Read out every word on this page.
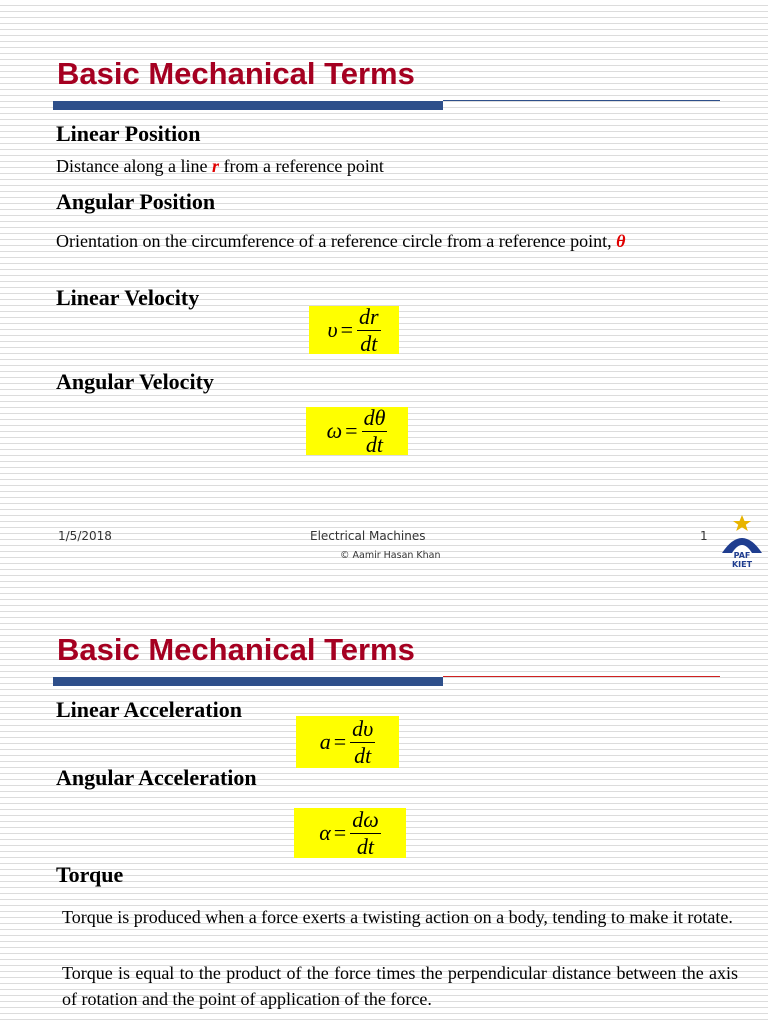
Basic Mechanical Terms
Linear Position
Distance along a line r from a reference point
Angular Position
Orientation on the circumference of a reference circle from a reference point, θ
Linear Velocity
$\upsilon = \frac{dr}{dt}$
Angular Velocity
$\omega = \frac{d\theta}{dt}$
1/5/2018	Electrical Machines	1
© Aamir Hasan Khan	PAF
KIET
Basic Mechanical Terms
Linear Acceleration
$a = \frac{d\upsilon}{dt}$
Angular Acceleration
$\alpha = \frac{d\omega}{dt}$
Torque

Torque is produced when a force exerts a twisting action on a body, tending to make it rotate.

Torque is equal to the product of the force times the perpendicular distance between the axis of rotation and the point of application of the force.
